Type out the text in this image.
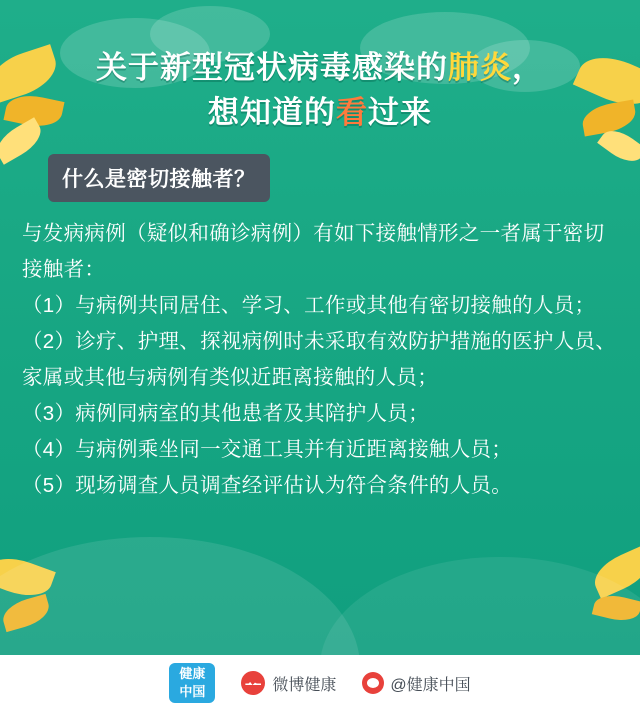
关于新型冠状病毒感染的肺炎，
想知道的看过来
什么是密切接触者？

与发病病例（疑似和确诊病例）有如下接触情形之一者属于密切接触者：

（1）与病例共同居住、学习、工作或其他有密切接触的人员；

（2）诊疗、护理、探视病例时未采取有效防护措施的医护人员、家属或其他与病例有类似近距离接触的人员；

（3）病例同病室的其他患者及其陪护人员；

（4）与病例乘坐同一交通工具并有近距离接触人员；

（5）现场调查人员调查经评估认为符合条件的人员。

健康
中国	微博健康	@健康中国
